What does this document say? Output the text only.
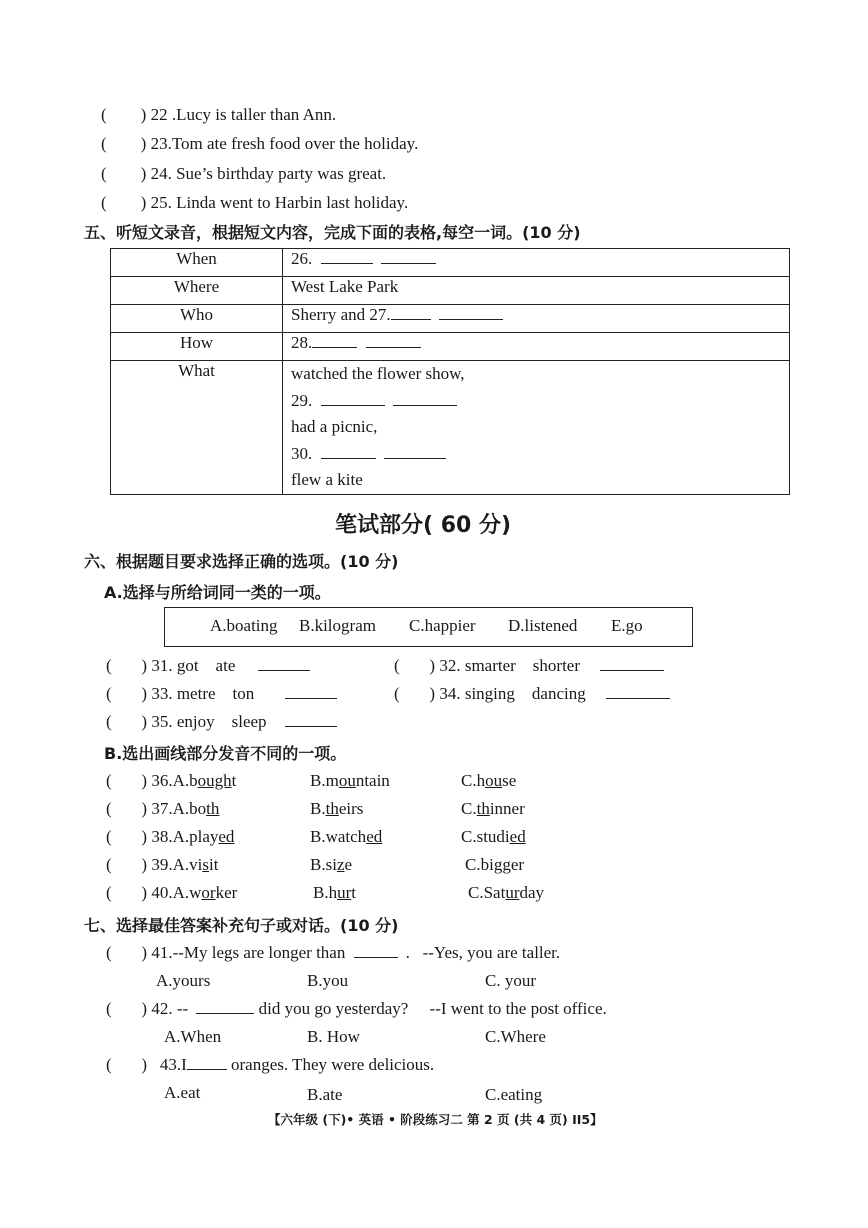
(        ) 22 .Lucy is taller than Ann.
(        ) 23.Tom ate fresh food over the holiday.
(        ) 24. Sue’s birthday party was great.
(        ) 25. Linda went to Harbin last holiday.
五、听短文录音，根据短文内容，完成下面的表格,每空一词。(10 分)
When	26.
Where	West Lake Park
Who	Sherry and 27.
How	28.
What	watched the flower show,
29.
had a picnic,
30.
flew a kite
笔试部分( 60 分)
六、根据题目要求选择正确的选项。(10 分)
A.选择与所给词同一类的一项。
A.boating B.kilogram C.happier D.listened E.go
(       ) 31. got    ate	(       ) 32. smarter    shorter
(       ) 33. metre    ton	(       ) 34. singing    dancing
(       ) 35. enjoy    sleep
B.选出画线部分发音不同的一项。
(       ) 36.A.bought	B.mountain	C.house
(       ) 37.A.both	B.theirs	C.thinner
(       ) 38.A.played	B.watched	C.studied
(       ) 39.A.visit	B.size	C.bigger
(       ) 40.A.worker	B.hurt	C.Saturday
七、选择最佳答案补充句子或对话。(10 分)
(       ) 41.--My legs are longer than	.   --Yes, you are taller.
A.yours	B.you	C. your
(       ) 42. --	did you go yesterday?     --I went to the post office.
A.When	B. How	C.Where
(       )   43.I	oranges. They were delicious.
A.eat	B.ate	C.eating
【六年级 (下)• 英语 • 阶段练习二 第 2 页 (共 4 页) II5】
